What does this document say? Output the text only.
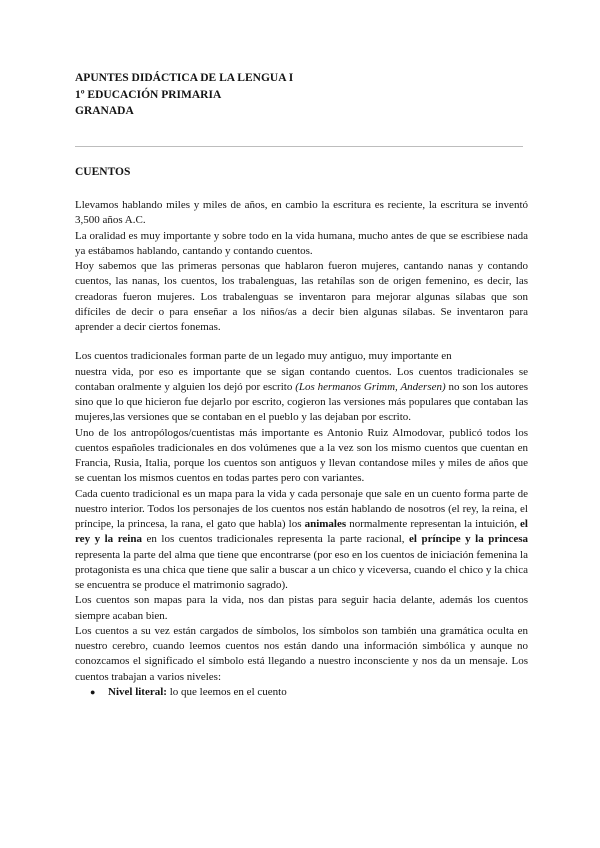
APUNTES DIDÁCTICA DE LA LENGUA I
1º EDUCACIÓN PRIMARIA
GRANADA
CUENTOS

Llevamos hablando miles y miles de años, en cambio la escritura es reciente, la escritura se inventó 3,500 años A.C.

La oralidad es muy importante y sobre todo en la vida humana, mucho antes de que se escribiese nada ya estábamos hablando, cantando y contando cuentos.

Hoy sabemos que las primeras personas que hablaron fueron mujeres, cantando nanas y contando cuentos, las nanas, los cuentos, los trabalenguas, las retahílas son de origen femenino, es decir, las creadoras fueron mujeres. Los trabalenguas se inventaron para mejorar algunas sílabas que son difíciles de decir o para enseñar a los niños/as a decir bien algunas sílabas. Se inventaron para aprender a decir ciertos fonemas.

Los cuentos tradicionales forman parte de un legado muy antiguo, muy importante en

nuestra vida, por eso es importante que se sigan contando cuentos. Los cuentos tradicionales se contaban oralmente y alguien los dejó por escrito (Los hermanos Grimm, Andersen) no son los autores sino que lo que hicieron fue dejarlo por escrito, cogieron las versiones más populares que contaban las mujeres,las versiones que se contaban en el pueblo y las dejaban por escrito.

Uno de los antropólogos/cuentistas más importante es Antonio Ruiz Almodovar, publicó todos los cuentos españoles tradicionales en dos volúmenes que a la vez son los mismo cuentos que cuentan en Francia, Rusia, Italia, porque los cuentos son antiguos y llevan contandose miles y miles de años que se cuentan los mismos cuentos en todas partes pero con variantes.

Cada cuento tradicional es un mapa para la vida y cada personaje que sale en un cuento forma parte de nuestro interior. Todos los personajes de los cuentos nos están hablando de nosotros (el rey, la reina, el príncipe, la princesa, la rana, el gato que habla) los animales normalmente representan la intuición, el rey y la reina en los cuentos tradicionales representa la parte racional, el príncipe y la princesa representa la parte del alma que tiene que encontrarse (por eso en los cuentos de iniciación femenina la protagonista es una chica que tiene que salir a buscar a un chico y viceversa, cuando el chico y la chica se encuentra se produce el matrimonio sagrado).

Los cuentos son mapas para la vida, nos dan pistas para seguir hacia delante, además los cuentos siempre acaban bien.

Los cuentos a su vez están cargados de símbolos, los símbolos son también una gramática oculta en nuestro cerebro, cuando leemos cuentos nos están dando una información simbólica y aunque no conozcamos el significado el símbolo está llegando a nuestro inconsciente y nos da un mensaje. Los cuentos trabajan a varios niveles:

● Nivel literal: lo que leemos en el cuento
